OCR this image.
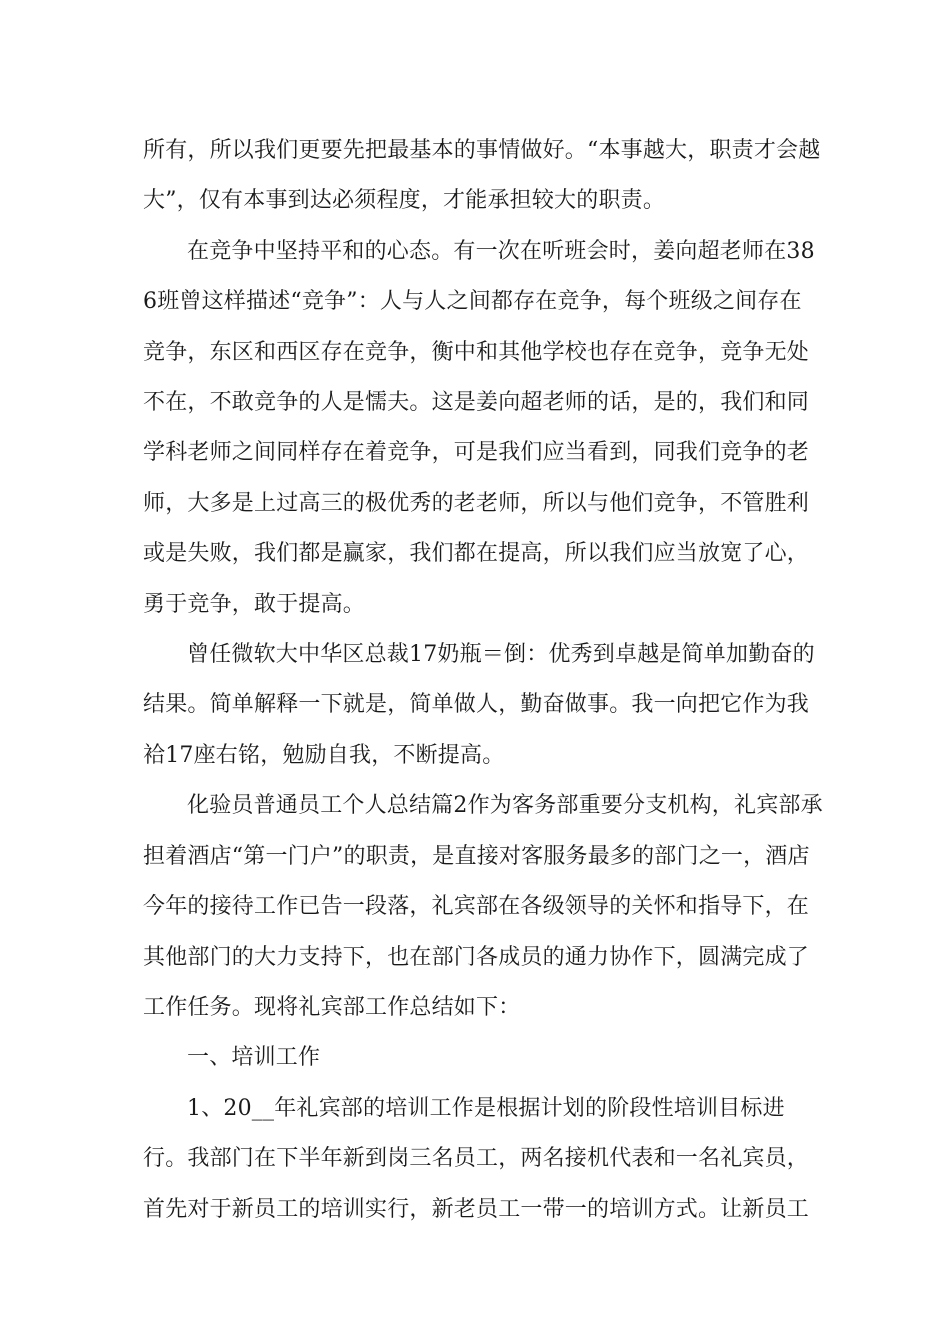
所有，所以我们更要先把最基本的事情做好。“本事越大，职责才会越大”，仅有本事到达必须程度，才能承担较大的职责。

在竞争中坚持平和的心态。有一次在听班会时，姜向超老师在386班曾这样描述“竞争”：人与人之间都存在竞争，每个班级之间存在竞争，东区和西区存在竞争，衡中和其他学校也存在竞争，竞争无处不在，不敢竞争的人是懦夫。这是姜向超老师的话，是的，我们和同学科老师之间同样存在着竞争，可是我们应当看到，同我们竞争的老师，大多是上过高三的极优秀的老老师，所以与他们竞争，不管胜利或是失败，我们都是赢家，我们都在提高，所以我们应当放宽了心，勇于竞争，敢于提高。

曾任微软大中华区总裁17奶瓶＝倒：优秀到卓越是简单加勤奋的结果。简单解释一下就是，简单做人，勤奋做事。我一向把它作为我袷17座右铭，勉励自我，不断提高。

化验员普通员工个人总结篇2作为客务部重要分支机构，礼宾部承担着酒店“第一门户”的职责，是直接对客服务最多的部门之一，酒店今年的接待工作已告一段落，礼宾部在各级领导的关怀和指导下，在其他部门的大力支持下，也在部门各成员的通力协作下，圆满完成了工作任务。现将礼宾部工作总结如下：

一、培训工作

1、20__年礼宾部的培训工作是根据计划的阶段性培训目标进行。我部门在下半年新到岗三名员工，两名接机代表和一名礼宾员，首先对于新员工的培训实行，新老员工一带一的培训方式。让新员工
